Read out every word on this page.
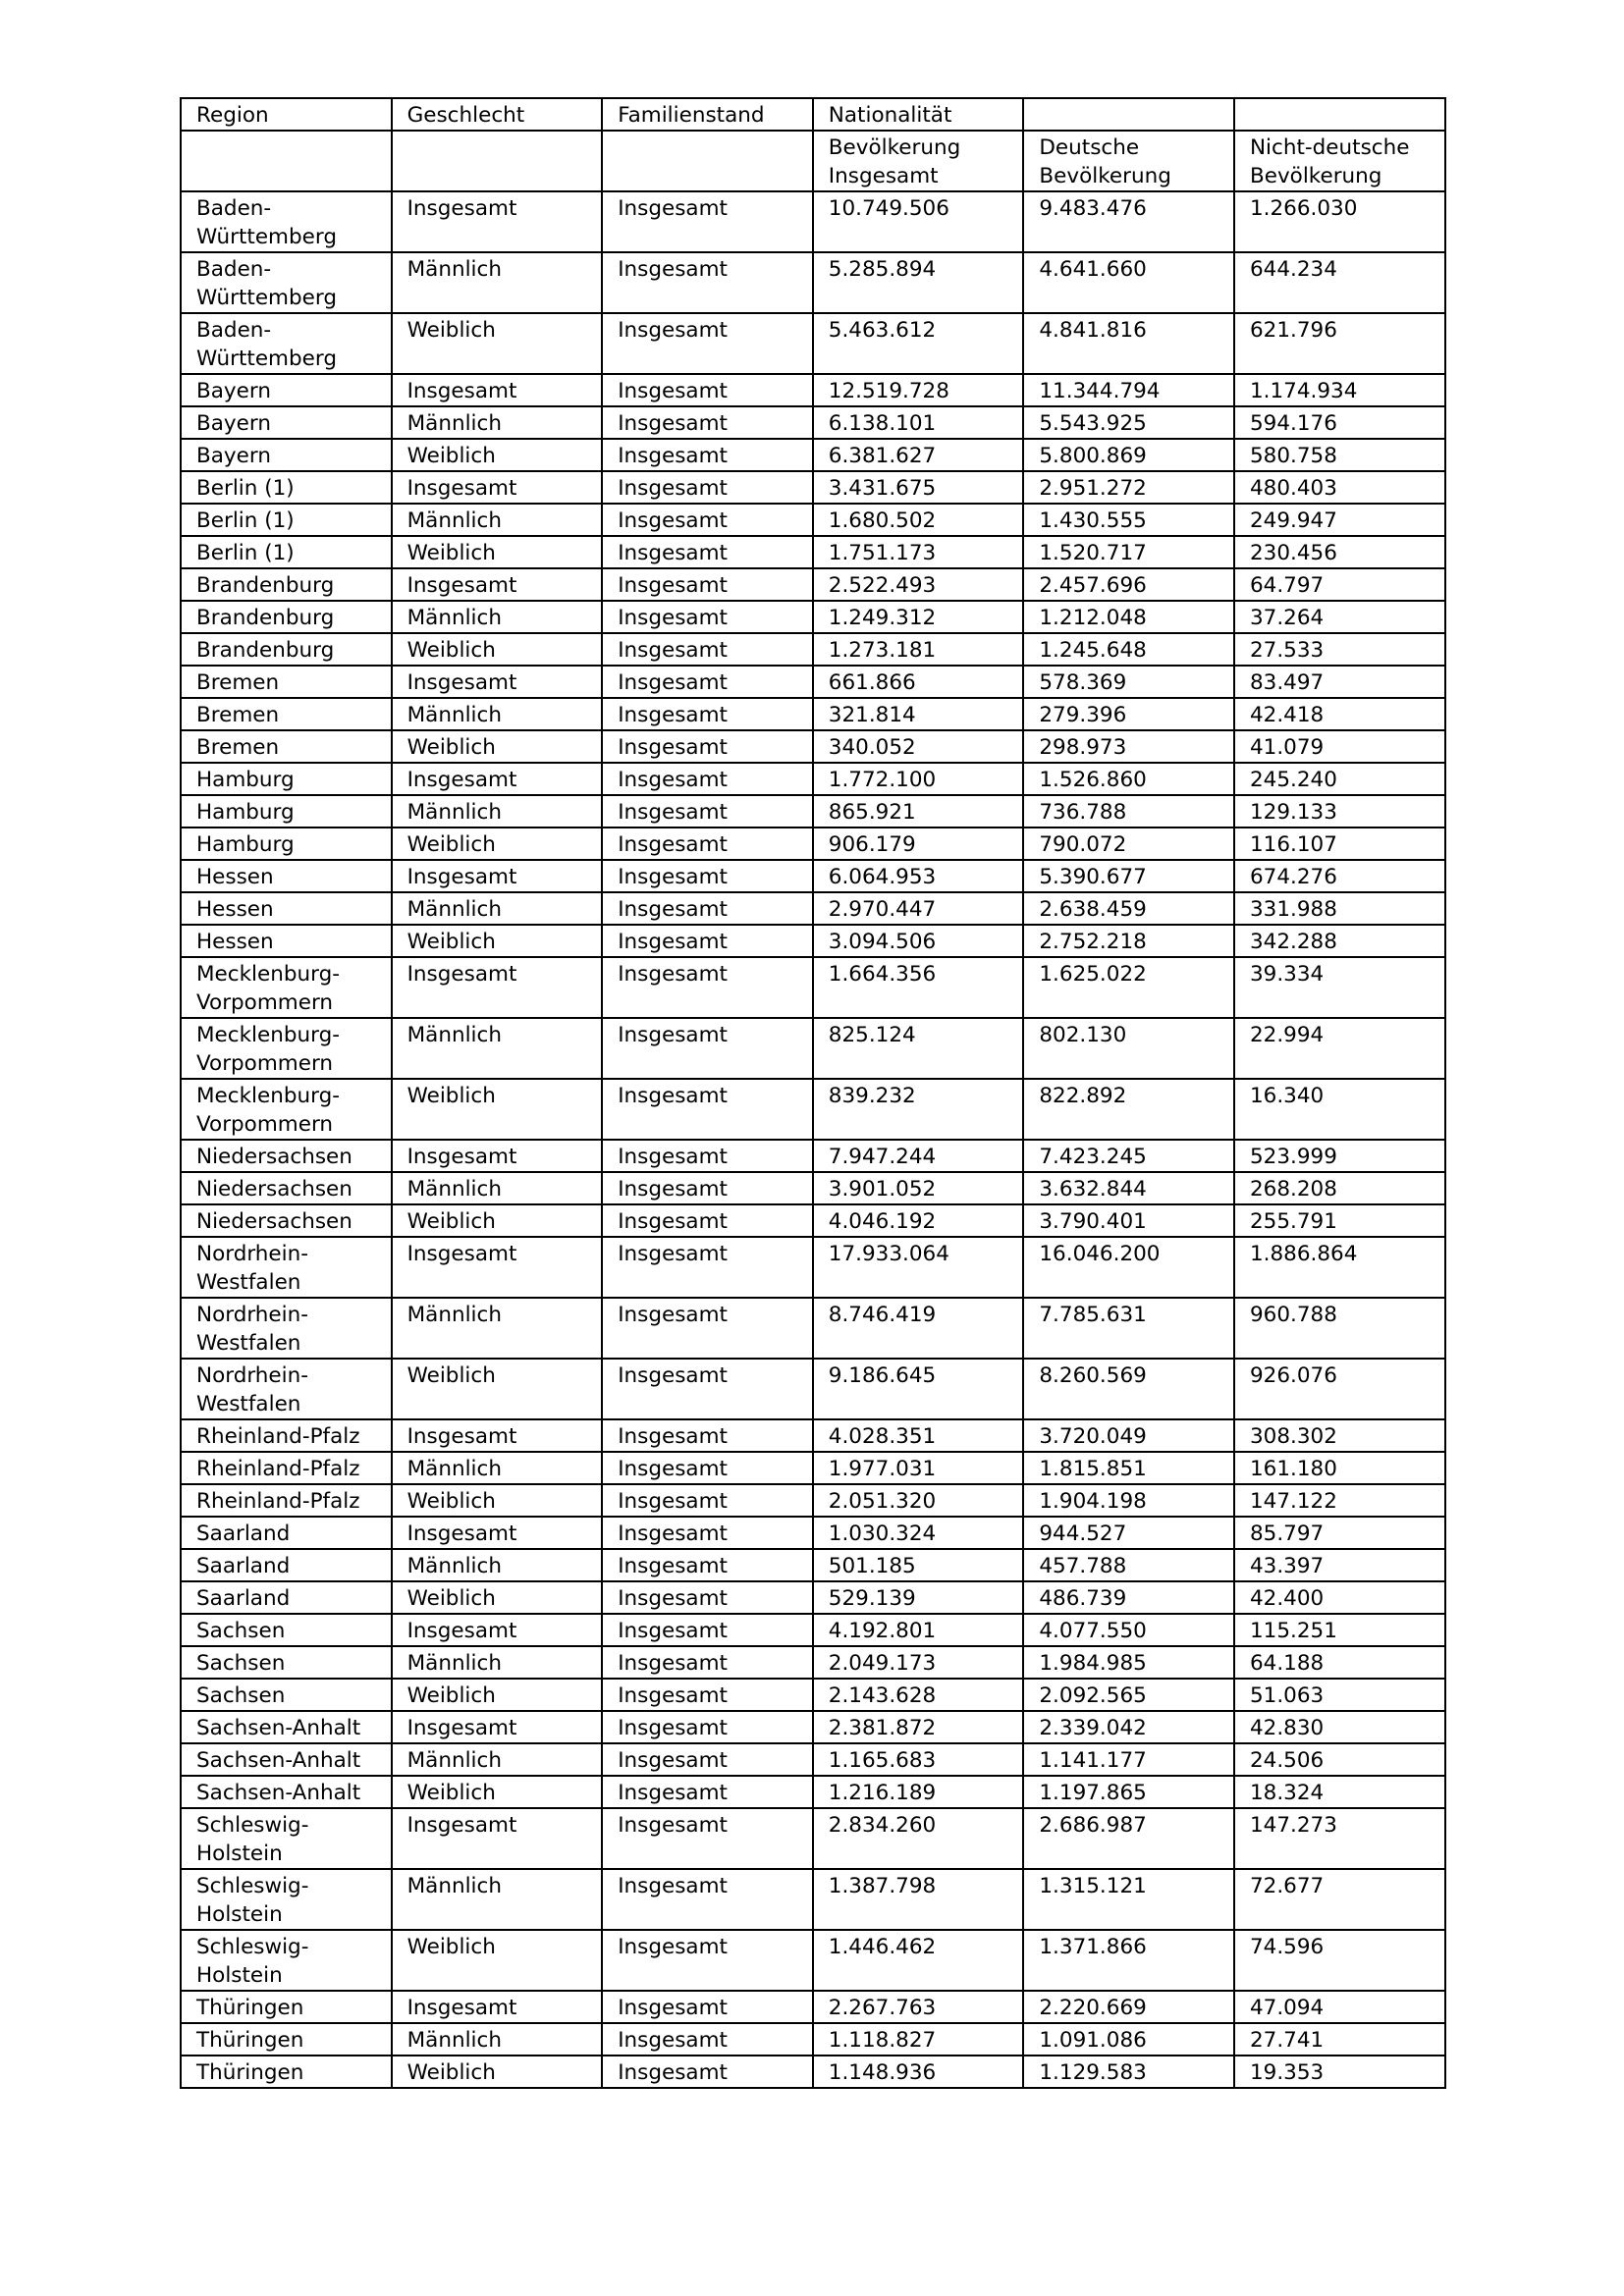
Region	Geschlecht	Familienstand	Nationalität		
			Bevölkerung Insgesamt	Deutsche Bevölkerung	Nicht-deutsche Bevölkerung
Baden-Württemberg	Insgesamt	Insgesamt	10.749.506	9.483.476	1.266.030
Baden-Württemberg	Männlich	Insgesamt	5.285.894	4.641.660	644.234
Baden-Württemberg	Weiblich	Insgesamt	5.463.612	4.841.816	621.796
Bayern	Insgesamt	Insgesamt	12.519.728	11.344.794	1.174.934
Bayern	Männlich	Insgesamt	6.138.101	5.543.925	594.176
Bayern	Weiblich	Insgesamt	6.381.627	5.800.869	580.758
Berlin (1)	Insgesamt	Insgesamt	3.431.675	2.951.272	480.403
Berlin (1)	Männlich	Insgesamt	1.680.502	1.430.555	249.947
Berlin (1)	Weiblich	Insgesamt	1.751.173	1.520.717	230.456
Brandenburg	Insgesamt	Insgesamt	2.522.493	2.457.696	64.797
Brandenburg	Männlich	Insgesamt	1.249.312	1.212.048	37.264
Brandenburg	Weiblich	Insgesamt	1.273.181	1.245.648	27.533
Bremen	Insgesamt	Insgesamt	661.866	578.369	83.497
Bremen	Männlich	Insgesamt	321.814	279.396	42.418
Bremen	Weiblich	Insgesamt	340.052	298.973	41.079
Hamburg	Insgesamt	Insgesamt	1.772.100	1.526.860	245.240
Hamburg	Männlich	Insgesamt	865.921	736.788	129.133
Hamburg	Weiblich	Insgesamt	906.179	790.072	116.107
Hessen	Insgesamt	Insgesamt	6.064.953	5.390.677	674.276
Hessen	Männlich	Insgesamt	2.970.447	2.638.459	331.988
Hessen	Weiblich	Insgesamt	3.094.506	2.752.218	342.288
Mecklenburg-Vorpommern	Insgesamt	Insgesamt	1.664.356	1.625.022	39.334
Mecklenburg-Vorpommern	Männlich	Insgesamt	825.124	802.130	22.994
Mecklenburg-Vorpommern	Weiblich	Insgesamt	839.232	822.892	16.340
Niedersachsen	Insgesamt	Insgesamt	7.947.244	7.423.245	523.999
Niedersachsen	Männlich	Insgesamt	3.901.052	3.632.844	268.208
Niedersachsen	Weiblich	Insgesamt	4.046.192	3.790.401	255.791
Nordrhein-Westfalen	Insgesamt	Insgesamt	17.933.064	16.046.200	1.886.864
Nordrhein-Westfalen	Männlich	Insgesamt	8.746.419	7.785.631	960.788
Nordrhein-Westfalen	Weiblich	Insgesamt	9.186.645	8.260.569	926.076
Rheinland-Pfalz	Insgesamt	Insgesamt	4.028.351	3.720.049	308.302
Rheinland-Pfalz	Männlich	Insgesamt	1.977.031	1.815.851	161.180
Rheinland-Pfalz	Weiblich	Insgesamt	2.051.320	1.904.198	147.122
Saarland	Insgesamt	Insgesamt	1.030.324	944.527	85.797
Saarland	Männlich	Insgesamt	501.185	457.788	43.397
Saarland	Weiblich	Insgesamt	529.139	486.739	42.400
Sachsen	Insgesamt	Insgesamt	4.192.801	4.077.550	115.251
Sachsen	Männlich	Insgesamt	2.049.173	1.984.985	64.188
Sachsen	Weiblich	Insgesamt	2.143.628	2.092.565	51.063
Sachsen-Anhalt	Insgesamt	Insgesamt	2.381.872	2.339.042	42.830
Sachsen-Anhalt	Männlich	Insgesamt	1.165.683	1.141.177	24.506
Sachsen-Anhalt	Weiblich	Insgesamt	1.216.189	1.197.865	18.324
Schleswig-Holstein	Insgesamt	Insgesamt	2.834.260	2.686.987	147.273
Schleswig-Holstein	Männlich	Insgesamt	1.387.798	1.315.121	72.677
Schleswig-Holstein	Weiblich	Insgesamt	1.446.462	1.371.866	74.596
Thüringen	Insgesamt	Insgesamt	2.267.763	2.220.669	47.094
Thüringen	Männlich	Insgesamt	1.118.827	1.091.086	27.741
Thüringen	Weiblich	Insgesamt	1.148.936	1.129.583	19.353
